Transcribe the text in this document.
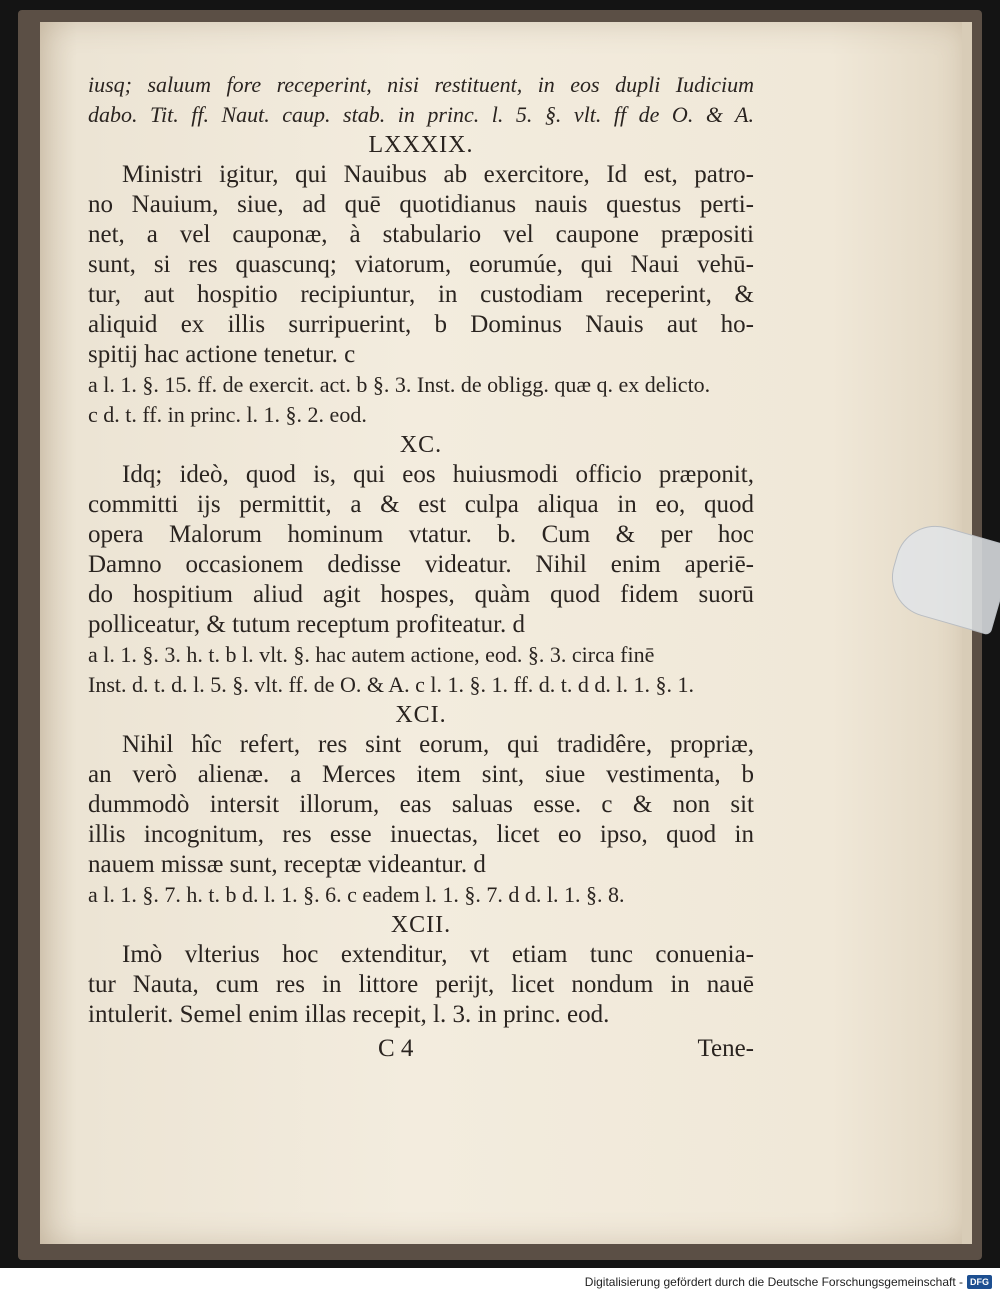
iusq; saluum fore receperint, nisi restituent, in eos dupli Iudicium
dabo. Tit. ff. Naut. caup. stab. in princ. l. 5. §. vlt. ff de O. & A.
LXXXIX.
Ministri igitur, qui Nauibus ab exercitore, Id est, patro-
no Nauium, siue, ad quē quotidianus nauis questus perti-
net, a vel cauponæ, à stabulario vel caupone præpositi
sunt, si res quascunq; viatorum, eorumúe, qui Naui vehū-
tur, aut hospitio recipiuntur, in custodiam receperint, &
aliquid ex illis surripuerint, b Dominus Nauis aut ho-
spitij hac actione tenetur. c
a l. 1. §. 15. ff. de exercit. act. b §. 3. Inst. de obligg. quæ q. ex delicto.
c d. t. ff. in princ. l. 1. §. 2. eod.
XC.
Idq; ideò, quod is, qui eos huiusmodi officio præponit,
committi ijs permittit, a & est culpa aliqua in eo, quod
opera Malorum hominum vtatur. b. Cum & per hoc
Damno occasionem dedisse videatur. Nihil enim aperiē-
do hospitium aliud agit hospes, quàm quod fidem suorū
polliceatur, & tutum receptum profiteatur. d
a l. 1. §. 3. h. t. b l. vlt. §. hac autem actione, eod. §. 3. circa finē
Inst. d. t. d. l. 5. §. vlt. ff. de O. & A. c l. 1. §. 1. ff. d. t. d d. l. 1. §. 1.
XCI.
Nihil hîc refert, res sint eorum, qui tradidêre, propriæ,
an verò alienæ. a Merces item sint, siue vestimenta, b
dummodò intersit illorum, eas saluas esse. c & non sit
illis incognitum, res esse inuectas, licet eo ipso, quod in
nauem missæ sunt, receptæ videantur. d
a l. 1. §. 7. h. t. b d. l. 1. §. 6. c eadem l. 1. §. 7. d d. l. 1. §. 8.
XCII.
Imò vlterius hoc extenditur, vt etiam tunc conuenia-
tur Nauta, cum res in littore perijt, licet nondum in nauē
intulerit. Semel enim illas recepit, l. 3. in princ. eod.
C 4	Tene-
Digitalisierung gefördert durch die Deutsche Forschungsgemeinschaft - DFG
